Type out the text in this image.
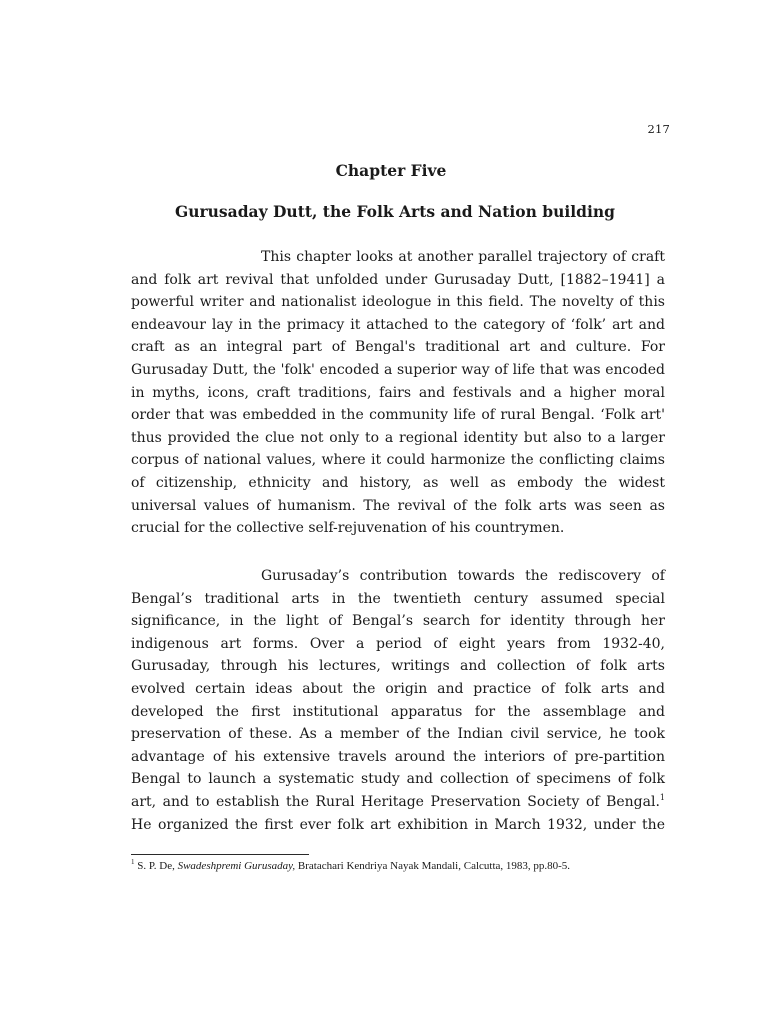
217
Chapter Five
Gurusaday Dutt, the Folk Arts and Nation building
This chapter looks at another parallel trajectory of craft
and folk art revival that unfolded under Gurusaday Dutt, [1882–1941] a
powerful writer and nationalist ideologue in this field. The novelty of this
endeavour lay in the primacy it attached to the category of ‘folk’ art and
craft as an integral part of Bengal's traditional art and culture. For
Gurusaday Dutt, the 'folk' encoded a superior way of life that was encoded
in myths, icons, craft traditions, fairs and festivals and a higher moral
order that was embedded in the community life of rural Bengal. ‘Folk art'
thus provided the clue not only to a regional identity but also to a larger
corpus of national values, where it could harmonize the conflicting claims
of citizenship, ethnicity and history, as well as embody the widest
universal values of humanism. The revival of the folk arts was seen as
crucial for the collective self-rejuvenation of his countrymen.
Gurusaday’s contribution towards the rediscovery of
Bengal’s traditional arts in the twentieth century assumed special
significance, in the light of Bengal’s search for identity through her
indigenous art forms. Over a period of eight years from 1932-40,
Gurusaday, through his lectures, writings and collection of folk arts
evolved certain ideas about the origin and practice of folk arts and
developed the first institutional apparatus for the assemblage and
preservation of these. As a member of the Indian civil service, he took
advantage of his extensive travels around the interiors of pre-partition
Bengal to launch a systematic study and collection of specimens of folk
art, and to establish the Rural Heritage Preservation Society of Bengal.$^1$
He organized the first ever folk art exhibition in March 1932, under the
$^1$ S. P. De, Swadeshpremi Gurusaday, Bratachari Kendriya Nayak Mandali, Calcutta, 1983, pp.80-5.
